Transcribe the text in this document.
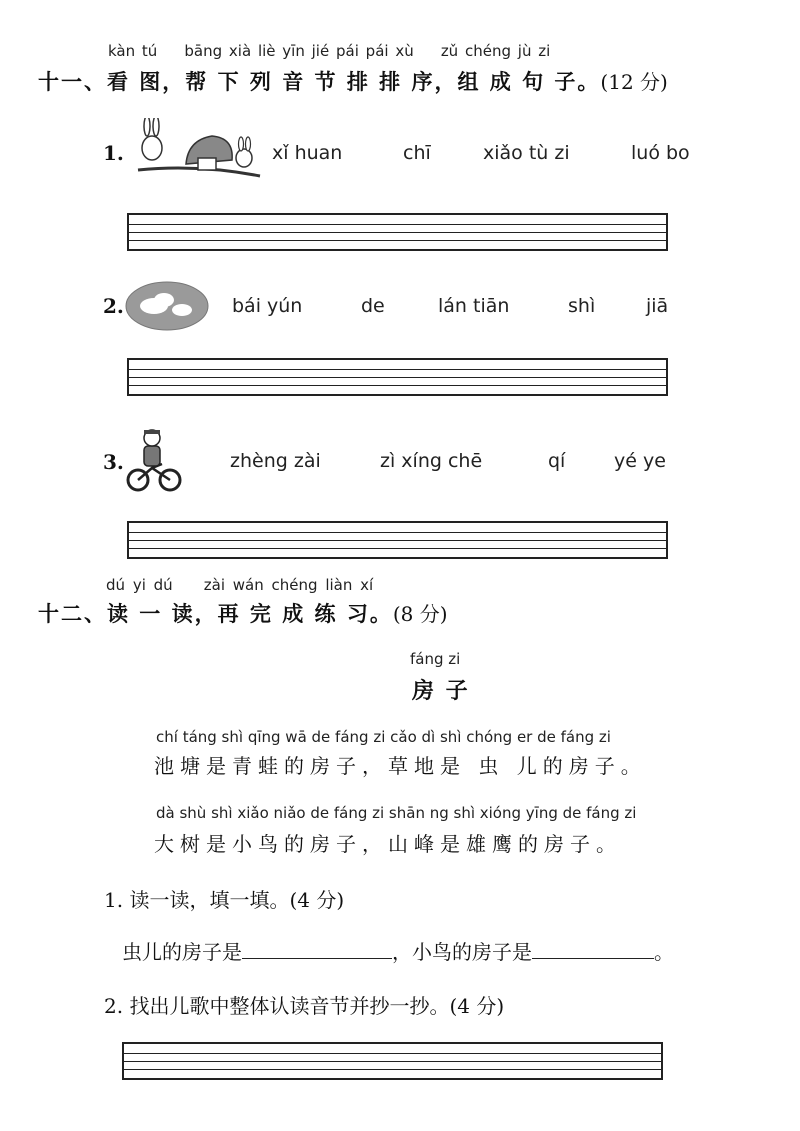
kàn tú bāng xià liè yīn jié pái pái xù zǔ chéng jù zi
十一、看 图，帮 下 列 音 节 排 排 序，组 成 句 子。(12 分)
1.	xǐ huan	chī	xiǎo tù zi	luó bo
2.	bái yún	de	lán tiān	shì	jiā
3.	zhèng zài	zì xíng chē	qí	yé ye
dú yi dú zài wán chéng liàn xí
十二、读 一 读，再 完 成 练 习。(8 分)
fáng zi
房 子
chí táng shì qīng wā de fáng zi cǎo dì shì chóng er de fáng zi
池塘是青蛙的房子，草地是 虫 儿的房子。
dà shù shì xiǎo niǎo de fáng zi shān ng shì xióng yīng de fáng zi
大树是小鸟的房子，山峰是雄鹰的房子。
1. 读一读，填一填。(4 分)
虫儿的房子是	，小鸟的房子是	。
2. 找出儿歌中整体认读音节并抄一抄。(4 分)
